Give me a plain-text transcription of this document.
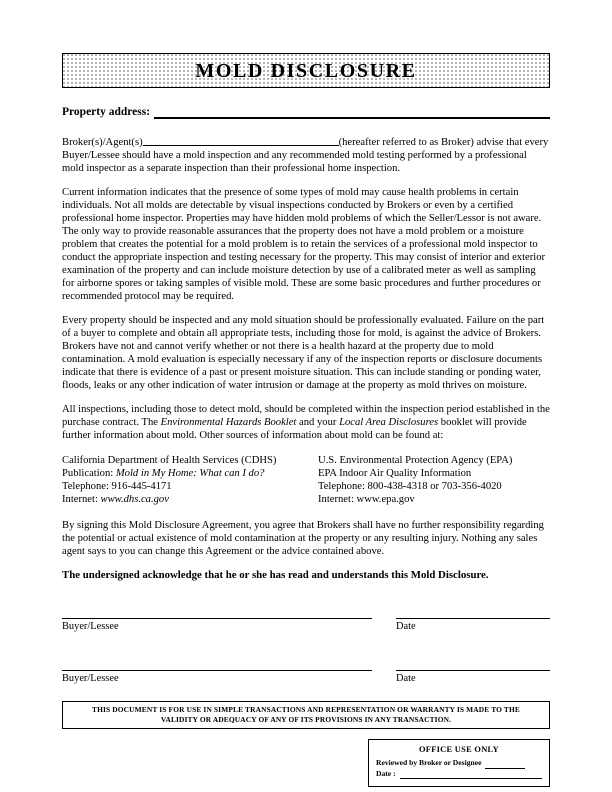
MOLD DISCLOSURE
Property address:

Broker(s)/Agent(s)	(hereafter referred to as Broker) advise that every Buyer/Lessee should have a mold inspection and any recommended mold testing performed by a professional mold inspector as a separate inspection than their professional home inspection.

Current information indicates that the presence of some types of mold may cause health problems in certain individuals. Not all molds are detectable by visual inspections conducted by Brokers or even by a certified professional home inspector. Properties may have hidden mold problems of which the Seller/Lessor is not aware. The only way to provide reasonable assurances that the property does not have a mold problem or a moisture problem that creates the potential for a mold problem is to retain the services of a professional mold inspector to conduct the appropriate inspection and testing necessary for the property. This may consist of interior and exterior examination of the property and can include moisture detection by use of a calibrated meter as well as sampling for airborne spores or taking samples of visible mold. These are some basic procedures and further procedures or recommended protocol may be required.

Every property should be inspected and any mold situation should be professionally evaluated. Failure on the part of a buyer to complete and obtain all appropriate tests, including those for mold, is against the advice of Brokers. Brokers have not and cannot verify whether or not there is a health hazard at the property due to mold contamination. A mold evaluation is especially necessary if any of the inspection reports or disclosure documents indicate that there is evidence of a past or present moisture situation. This can include standing or ponding water, floods, leaks or any other indication of water intrusion or damage at the property as mold thrives on moisture.

All inspections, including those to detect mold, should be completed within the inspection period established in the purchase contract. The Environmental Hazards Booklet and your Local Area Disclosures booklet will provide further information about mold. Other sources of information about mold can be found at:

California Department of Health Services (CDHS)
Publication: Mold in My Home: What can I do?
Telephone: 916-445-4171
Internet: www.dhs.ca.gov
U.S. Environmental Protection Agency (EPA)
EPA Indoor Air Quality Information
Telephone: 800-438-4318 or 703-356-4020
Internet: www.epa.gov

By signing this Mold Disclosure Agreement, you agree that Brokers shall have no further responsibility regarding the potential or actual existence of mold contamination at the property or any resulting injury. Nothing any sales agent says to you can change this Agreement or the advice contained above.

The undersigned acknowledge that he or she has read and understands this Mold Disclosure.
Buyer/Lessee	Date
Buyer/Lessee	Date
THIS DOCUMENT IS FOR USE IN SIMPLE TRANSACTIONS AND REPRESENTATION OR WARRANTY IS MADE TO THE
VALIDITY OR ADEQUACY OF ANY OF ITS PROVISIONS IN ANY TRANSACTION.
OFFICE USE ONLY
Reviewed by Broker or Designee
Date :
